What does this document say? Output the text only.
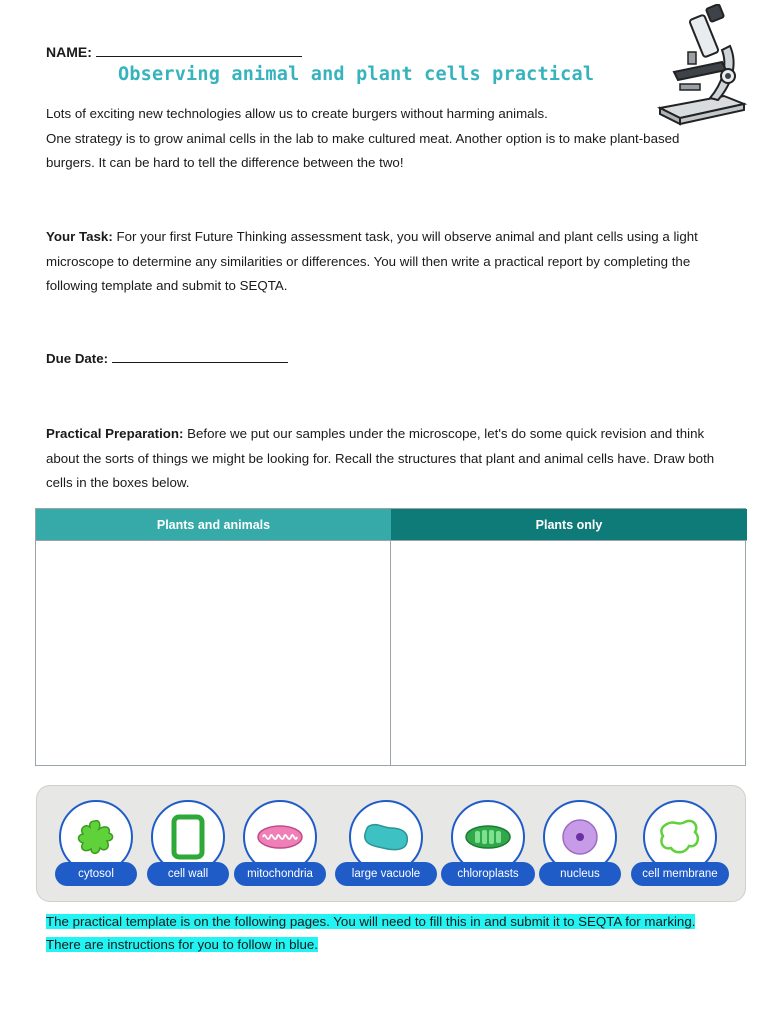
NAME:
Observing animal and plant cells practical
Lots of exciting new technologies allow us to create burgers without harming animals.
One strategy is to grow animal cells in the lab to make cultured meat. Another option is to make plant-based burgers. It can be hard to tell the difference between the two!
Your Task: For your first Future Thinking assessment task, you will observe animal and plant cells using a light microscope to determine any similarities or differences. You will then write a practical report by completing the following template and submit to SEQTA.
Due Date:
Practical Preparation: Before we put our samples under the microscope, let's do some quick revision and think about the sorts of things we might be looking for. Recall the structures that plant and animal cells have. Draw both cells in the boxes below.
Plants and animals	Plants only
cytosol	cell wall	mitochondria	large vacuole	chloroplasts	nucleus	cell membrane
The practical template is on the following pages. You will need to fill this in and submit it to SEQTA for marking. There are instructions for you to follow in blue.
